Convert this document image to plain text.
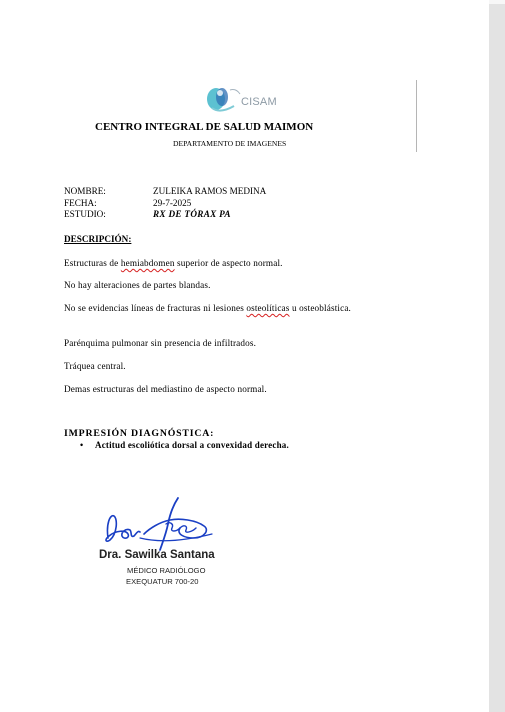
CISAM
CENTRO INTEGRAL DE SALUD MAIMON
DEPARTAMENTO DE IMAGENES
NOMBRE:	ZULEIKA RAMOS MEDINA
FECHA:	29-7-2025
ESTUDIO:	RX DE TÓRAX PA
DESCRIPCIÓN:
Estructuras de hemiabdomen superior de aspecto normal.
No hay alteraciones de partes blandas.
No se evidencias líneas de fracturas ni lesiones osteolíticas u osteoblástica.
Parénquima pulmonar sin presencia de infiltrados.
Tráquea central.
Demas estructuras del mediastino de aspecto normal.
IMPRESIÓN DIAGNÓSTICA:
• Actitud escoliótica dorsal a convexidad derecha.
Dra. Sawilka Santana
MÉDICO RADIÓLOGO
EXEQUATUR 700-20
